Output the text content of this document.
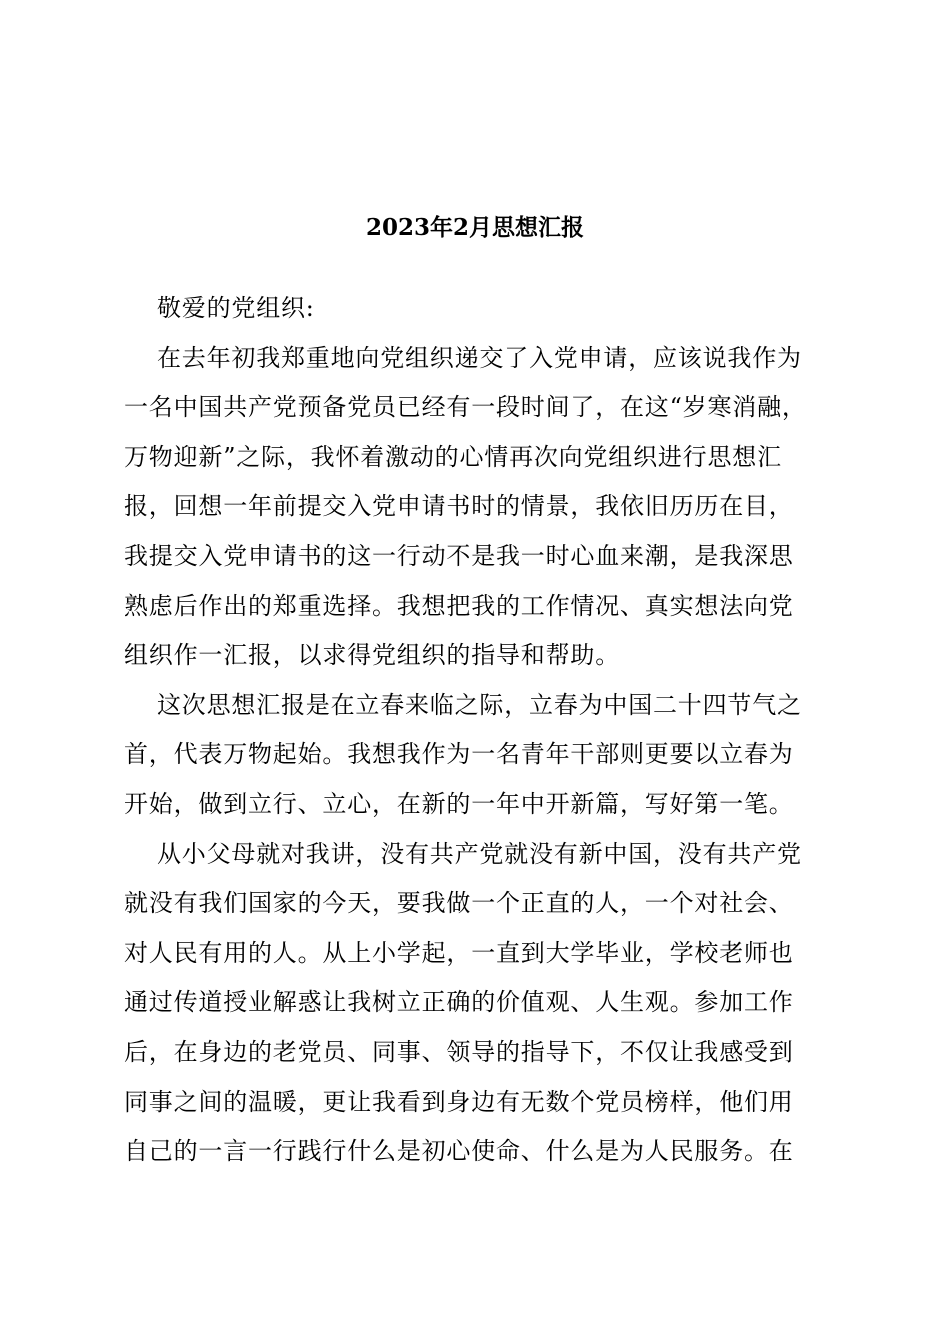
2023年2月思想汇报
敬爱的党组织:
在去年初我郑重地向党组织递交了入党申请，应该说我作为
一名中国共产党预备党员已经有一段时间了，在这“岁寒消融，
万物迎新”之际，我怀着激动的心情再次向党组织进行思想汇
报，回想一年前提交入党申请书时的情景，我依旧历历在目，
我提交入党申请书的这一行动不是我一时心血来潮，是我深思
熟虑后作出的郑重选择。我想把我的工作情况、真实想法向党
组织作一汇报，以求得党组织的指导和帮助。
这次思想汇报是在立春来临之际，立春为中国二十四节气之
首，代表万物起始。我想我作为一名青年干部则更要以立春为
开始，做到立行、立心，在新的一年中开新篇，写好第一笔。
从小父母就对我讲，没有共产党就没有新中国，没有共产党
就没有我们国家的今天，要我做一个正直的人，一个对社会、
对人民有用的人。从上小学起，一直到大学毕业，学校老师也
通过传道授业解惑让我树立正确的价值观、人生观。参加工作
后，在身边的老党员、同事、领导的指导下，不仅让我感受到
同事之间的温暖，更让我看到身边有无数个党员榜样，他们用
自己的一言一行践行什么是初心使命、什么是为人民服务。在
